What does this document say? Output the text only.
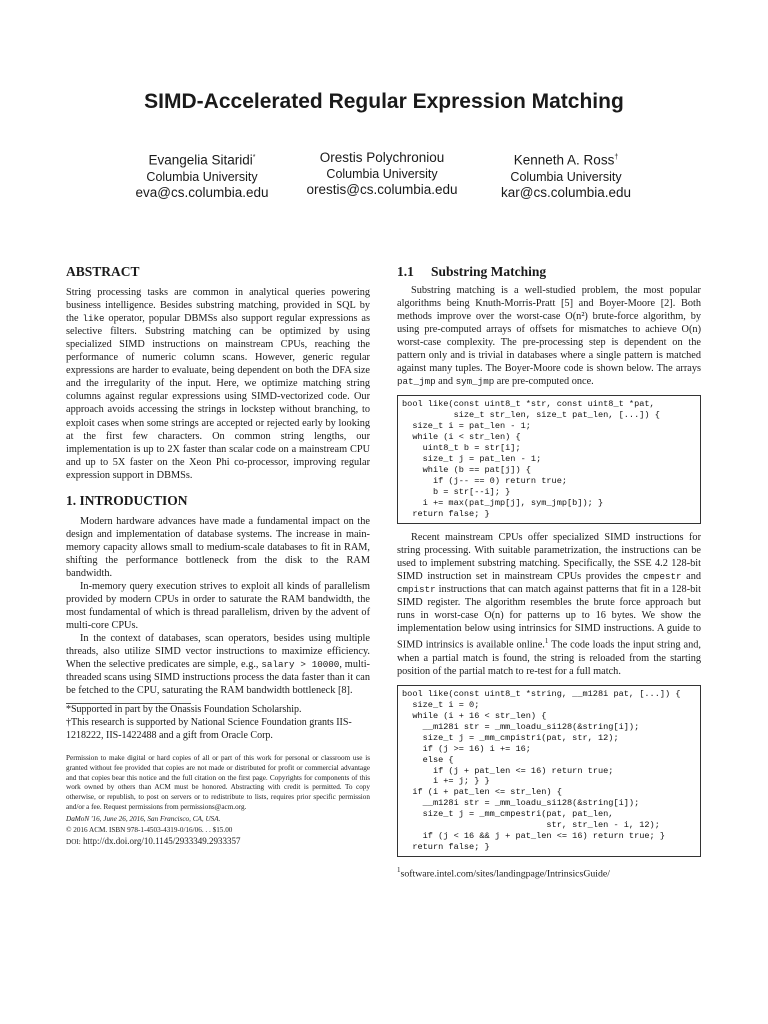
SIMD-Accelerated Regular Expression Matching
Evangelia Sitaridi*
Columbia University
eva@cs.columbia.edu
Orestis Polychroniou
Columbia University
orestis@cs.columbia.edu
Kenneth A. Ross†
Columbia University
kar@cs.columbia.edu
ABSTRACT

String processing tasks are common in analytical queries powering business intelligence. Besides substring matching, provided in SQL by the like operator, popular DBMSs also support regular expressions as selective filters. Substring matching can be optimized by using specialized SIMD instructions on mainstream CPUs, reaching the performance of numeric column scans. However, generic regular expressions are harder to evaluate, being dependent on both the DFA size and the irregularity of the input. Here, we optimize matching string columns against regular expressions using SIMD-vectorized code. Our approach avoids accessing the strings in lockstep without branching, to exploit cases when some strings are accepted or rejected early by looking at the first few characters. On common string lengths, our implementation is up to 2X faster than scalar code on a mainstream CPU and up to 5X faster on the Xeon Phi co-processor, improving regular expression support in DBMSs.

1. INTRODUCTION

Modern hardware advances have made a fundamental impact on the design and implementation of database systems. The increase in main-memory capacity allows small to medium-scale databases to fit in RAM, shifting the performance bottleneck from the disk to the RAM bandwidth.

In-memory query execution strives to exploit all kinds of parallelism provided by modern CPUs in order to saturate the RAM bandwidth, the most fundamental of which is thread parallelism, driven by the advent of multi-core CPUs.

In the context of databases, scan operators, besides using multiple threads, also utilize SIMD vector instructions to maximize efficiency. When the selective predicates are simple, e.g., salary > 10000, multi-threaded scans using SIMD instructions process the data faster than it can be fetched to the CPU, saturating the RAM bandwidth bottleneck [8].

*Supported in part by the Onassis Foundation Scholarship.
†This research is supported by National Science Foundation grants IIS-1218222, IIS-1422488 and a gift from Oracle Corp.
Permission to make digital or hard copies of all or part of this work for personal or classroom use is granted without fee provided that copies are not made or distributed for profit or commercial advantage and that copies bear this notice and the full citation on the first page. Copyrights for components of this work owned by others than ACM must be honored. Abstracting with credit is permitted. To copy otherwise, or republish, to post on servers or to redistribute to lists, requires prior specific permission and/or a fee. Request permissions from permissions@acm.org.
DaMoN '16, June 26, 2016, San Francisco, CA, USA.
© 2016 ACM. ISBN 978-1-4503-4319-0/16/06. . . $15.00
DOI: http://dx.doi.org/10.1145/2933349.2933357
1.1 Substring Matching

Substring matching is a well-studied problem, the most popular algorithms being Knuth-Morris-Pratt [5] and Boyer-Moore [2]. Both methods improve over the worst-case O(n²) brute-force algorithm, by using pre-computed arrays of offsets for mismatches to achieve O(n) worst-case complexity. The pre-processing step is dependent on the pattern only and is trivial in databases where a single pattern is matched against many tuples. The Boyer-Moore code is shown below. The arrays pat_jmp and sym_jmp are pre-computed once.

bool like(const uint8_t *str, const uint8_t *pat,
size_t str_len, size_t pat_len, [...]) {
size_t i = pat_len - 1;
while (i < str_len) {
uint8_t b = str[i];
size_t j = pat_len - 1;
while (b == pat[j]) {
if (j-- == 0) return true;
b = str[--i]; }
i += max(pat_jmp[j], sym_jmp[b]); }
return false; }

Recent mainstream CPUs offer specialized SIMD instructions for string processing. With suitable parametrization, the instructions can be used to implement substring matching. Specifically, the SSE 4.2 128-bit SIMD instruction set in mainstream CPUs provides the cmpestr and cmpistr instructions that can match against patterns that fit in a 128-bit SIMD register. The algorithm resembles the brute force approach but runs in worst-case O(n) for patterns up to 16 bytes. We show the implementation below using intrinsics for SIMD instructions. A guide to SIMD intrinsics is available online.$^1$ The code loads the input string and, when a partial match is found, the string is reloaded from the starting position of the partial match to re-test for a full match.

bool like(const uint8_t *string, __m128i pat, [...]) {
size_t i = 0;
while (i + 16 < str_len) {
__m128i str = _mm_loadu_si128(&string[i]);
size_t j = _mm_cmpistri(pat, str, 12);
if (j >= 16) i += 16;
else {
if (j + pat_len <= 16) return true;
i += j; } }
if (i + pat_len <= str_len) {
__m128i str = _mm_loadu_si128(&string[i]);
size_t j = _mm_cmpestri(pat, pat_len,
str, str_len - i, 12);
if (j < 16 && j + pat_len <= 16) return true; }
return false; }
$^1$software.intel.com/sites/landingpage/IntrinsicsGuide/
